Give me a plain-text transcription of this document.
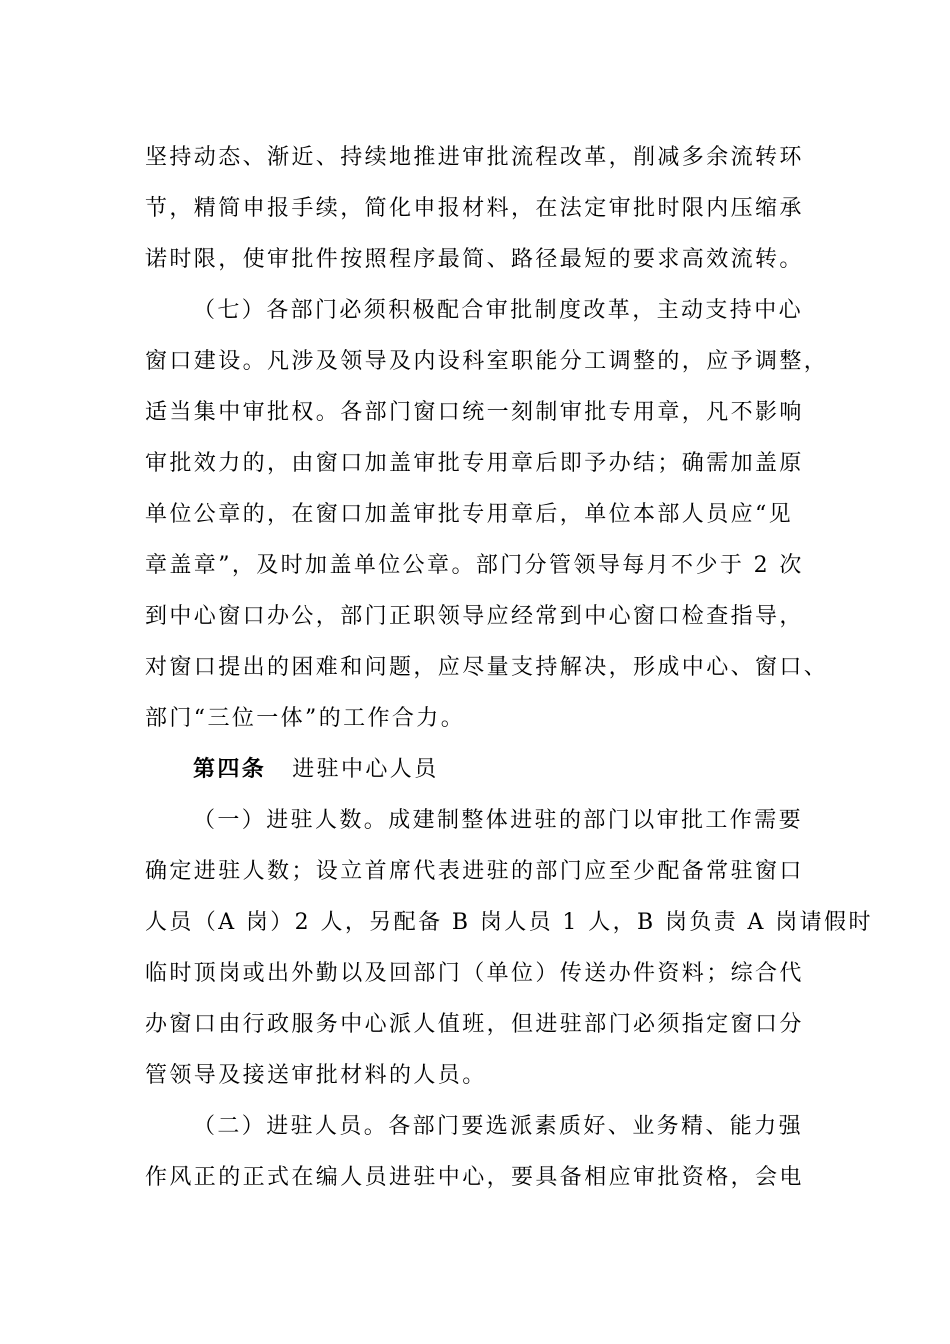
坚持动态、渐近、持续地推进审批流程改革，削减多余流转环
节，精简申报手续，简化申报材料，在法定审批时限内压缩承
诺时限，使审批件按照程序最简、路径最短的要求高效流转。
（七）各部门必须积极配合审批制度改革，主动支持中心
窗口建设。凡涉及领导及内设科室职能分工调整的，应予调整，
适当集中审批权。各部门窗口统一刻制审批专用章，凡不影响
审批效力的，由窗口加盖审批专用章后即予办结；确需加盖原
单位公章的，在窗口加盖审批专用章后，单位本部人员应“见
章盖章”，及时加盖单位公章。部门分管领导每月不少于 2 次
到中心窗口办公，部门正职领导应经常到中心窗口检查指导，
对窗口提出的困难和问题，应尽量支持解决，形成中心、窗口、
部门“三位一体”的工作合力。
第四条 进驻中心人员
（一）进驻人数。成建制整体进驻的部门以审批工作需要
确定进驻人数；设立首席代表进驻的部门应至少配备常驻窗口
人员（A 岗）2 人，另配备 B 岗人员 1 人，B 岗负责 A 岗请假时
临时顶岗或出外勤以及回部门（单位）传送办件资料；综合代
办窗口由行政服务中心派人值班，但进驻部门必须指定窗口分
管领导及接送审批材料的人员。
（二）进驻人员。各部门要选派素质好、业务精、能力强
作风正的正式在编人员进驻中心，要具备相应审批资格，会电
